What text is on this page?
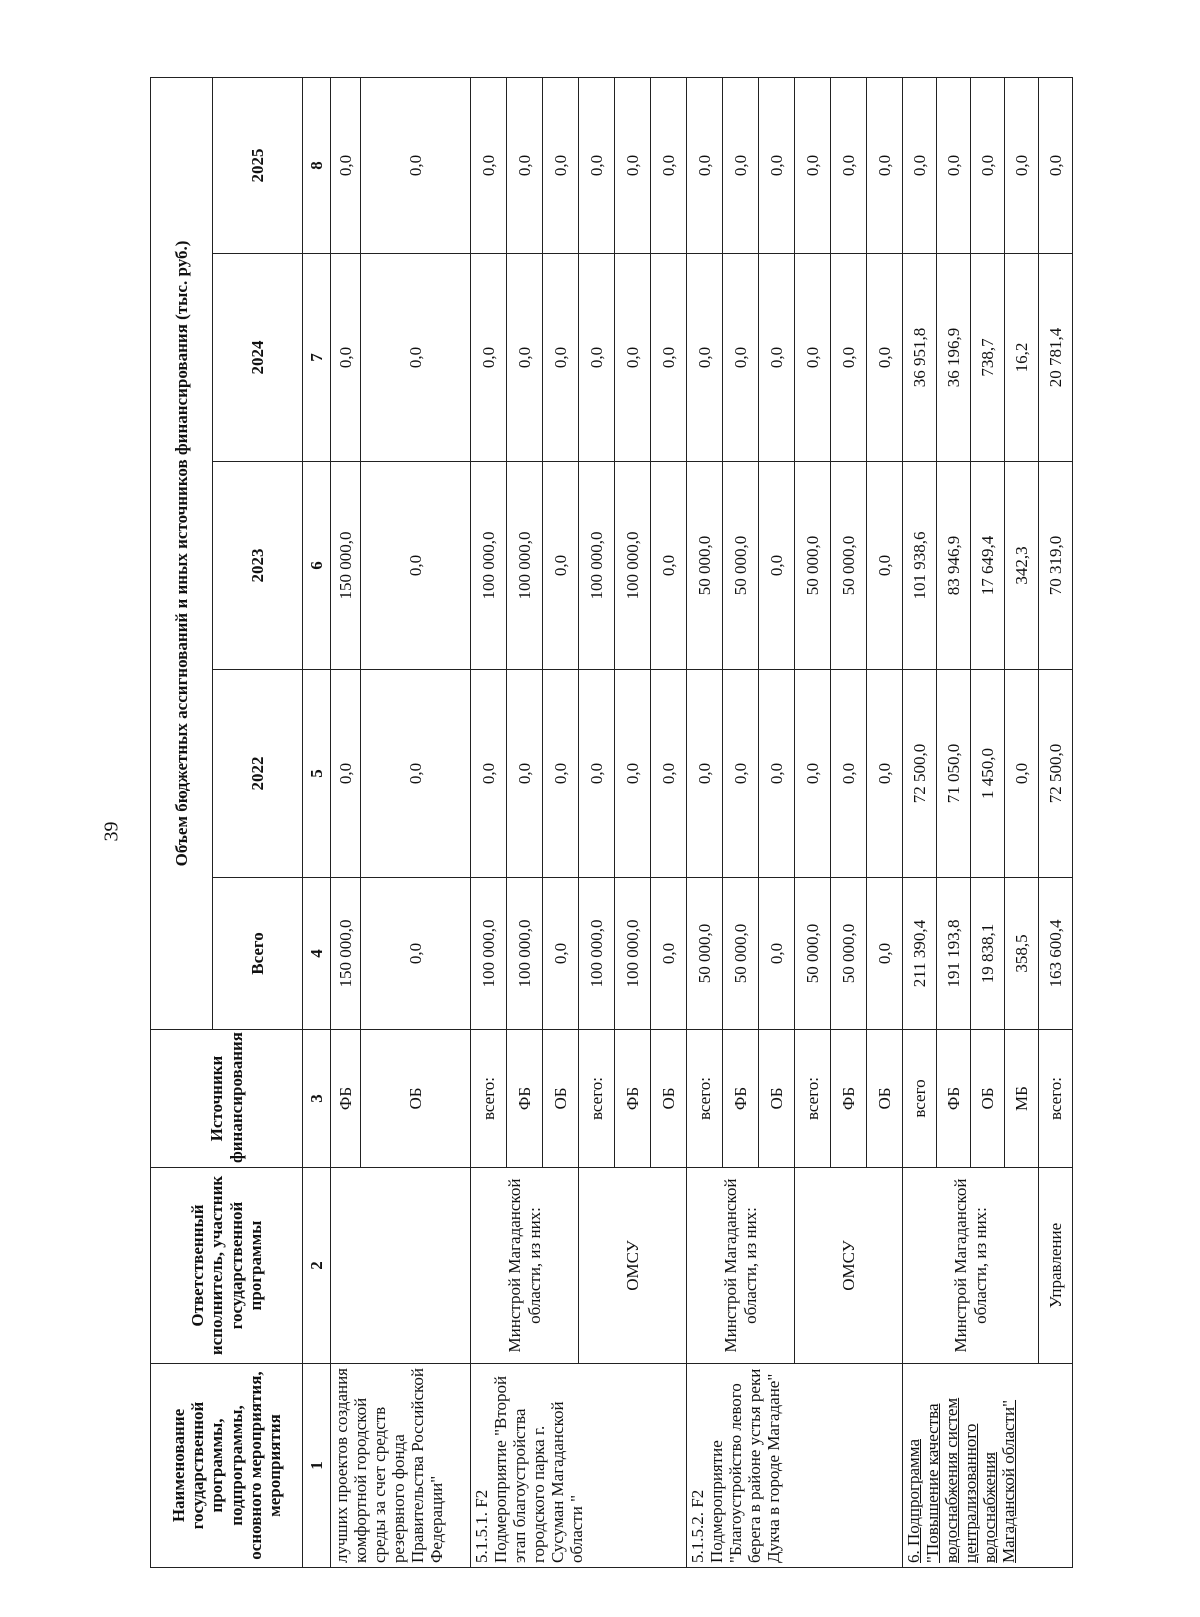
39
Наименование государственной программы, подпрограммы, основного мероприятия, мероприятия	Ответственный исполнитель, участник государственной программы	Источники финансирования	Объем бюджетных ассигнований и иных источников финансирования (тыс. руб.)				
			Всего	2022	2023	2024	2025
1	2	3	4	5	6	7	8
лучших проектов создания комфортной городской среды за счет средств резервного фонда Правительства Российской Федерации"		ФБ	150 000,0	0,0	150 000,0	0,0	0,0
		ОБ	0,0	0,0	0,0	0,0	0,0
5.1.5.1. F2 Подмероприятие "Второй этап благоустройства городского парка г. Сусуман Магаданской области "	Минстрой Магаданской области, из них:	всего:	100 000,0	0,0	100 000,0	0,0	0,0
		ФБ	100 000,0	0,0	100 000,0	0,0	0,0
		ОБ	0,0	0,0	0,0	0,0	0,0
	ОМСУ	всего:	100 000,0	0,0	100 000,0	0,0	0,0
		ФБ	100 000,0	0,0	100 000,0	0,0	0,0
		ОБ	0,0	0,0	0,0	0,0	0,0
5.1.5.2. F2 Подмероприятие "Благоустройство левого берега в районе устья реки Дукча в городе Магадане"	Минстрой Магаданской области, из них:	всего:	50 000,0	0,0	50 000,0	0,0	0,0
		ФБ	50 000,0	0,0	50 000,0	0,0	0,0
		ОБ	0,0	0,0	0,0	0,0	0,0
	ОМСУ	всего:	50 000,0	0,0	50 000,0	0,0	0,0
		ФБ	50 000,0	0,0	50 000,0	0,0	0,0
		ОБ	0,0	0,0	0,0	0,0	0,0
6. Подпрограмма
"Повышение качества водоснабжения систем централизованного водоснабжения Магаданской области"	Минстрой Магаданской области, из них:	всего	211 390,4	72 500,0	101 938,6	36 951,8	0,0
		ФБ	191 193,8	71 050,0	83 946,9	36 196,9	0,0
		ОБ	19 838,1	1 450,0	17 649,4	738,7	0,0
		МБ	358,5	0,0	342,3	16,2	0,0
	Управление	всего:	163 600,4	72 500,0	70 319,0	20 781,4	0,0
